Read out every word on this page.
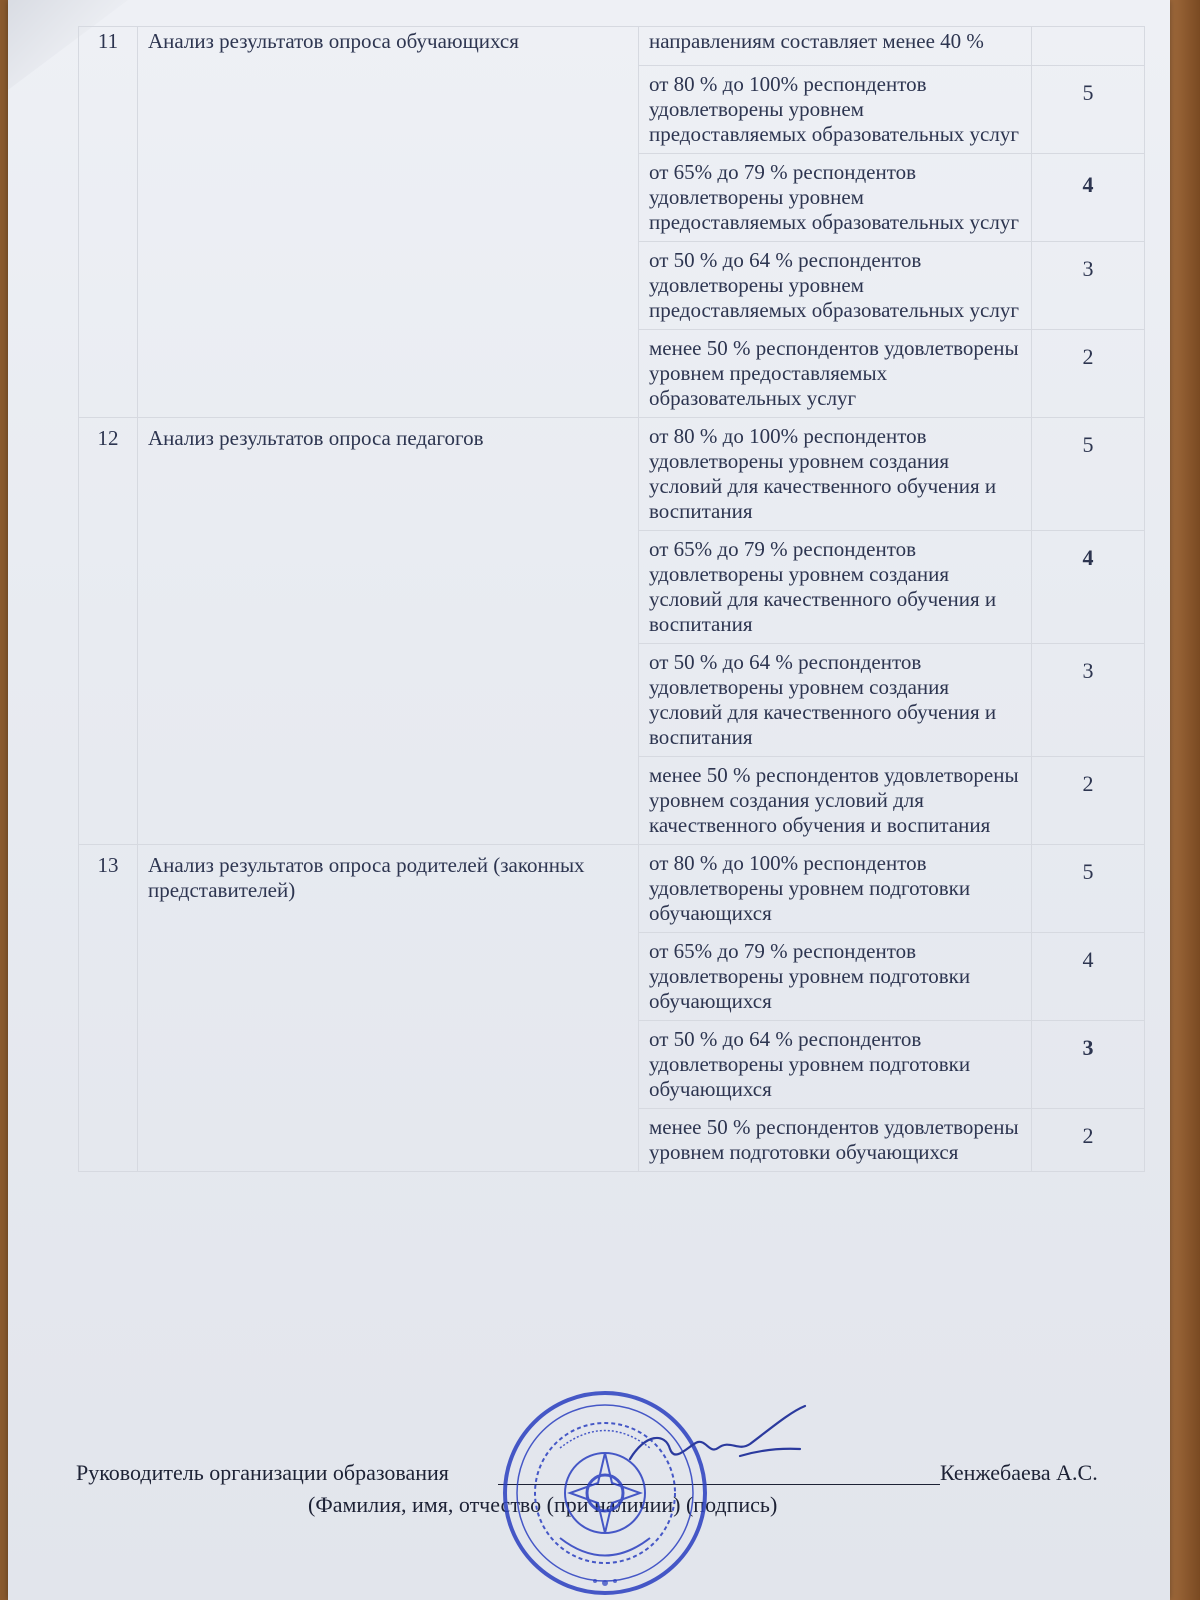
11	Анализ результатов опроса обучающихся	направлениям составляет менее 40 %	
		от 80 % до 100% респондентов удовлетворены уровнем предоставляемых образовательных услуг	5
		от 65% до 79 % респондентов удовлетворены уровнем предоставляемых образовательных услуг	4
		от 50 % до 64 % респондентов удовлетворены уровнем предоставляемых образовательных услуг	3
		менее 50 % респондентов удовлетворены уровнем предоставляемых образовательных услуг	2
12	Анализ результатов опроса педагогов	от 80 % до 100% респондентов удовлетворены уровнем создания условий для качественного обучения и воспитания	5
		от 65% до 79 % респондентов удовлетворены уровнем создания условий для качественного обучения и воспитания	4
		от 50 % до 64 % респондентов удовлетворены уровнем создания условий для качественного обучения и воспитания	3
		менее 50 % респондентов удовлетворены уровнем создания условий для качественного обучения и воспитания	2
13	Анализ результатов опроса родителей (законных представителей)	от 80 % до 100% респондентов удовлетворены уровнем подготовки обучающихся	5
		от 65% до 79 % респондентов удовлетворены уровнем подготовки обучающихся	4
		от 50 % до 64 % респондентов удовлетворены уровнем подготовки обучающихся	3
		менее 50 % респондентов удовлетворены уровнем подготовки обучающихся	2
Руководитель организации образования	Кенжебаева А.С.
(Фамилия, имя, отчество (при наличии) (подпись)
